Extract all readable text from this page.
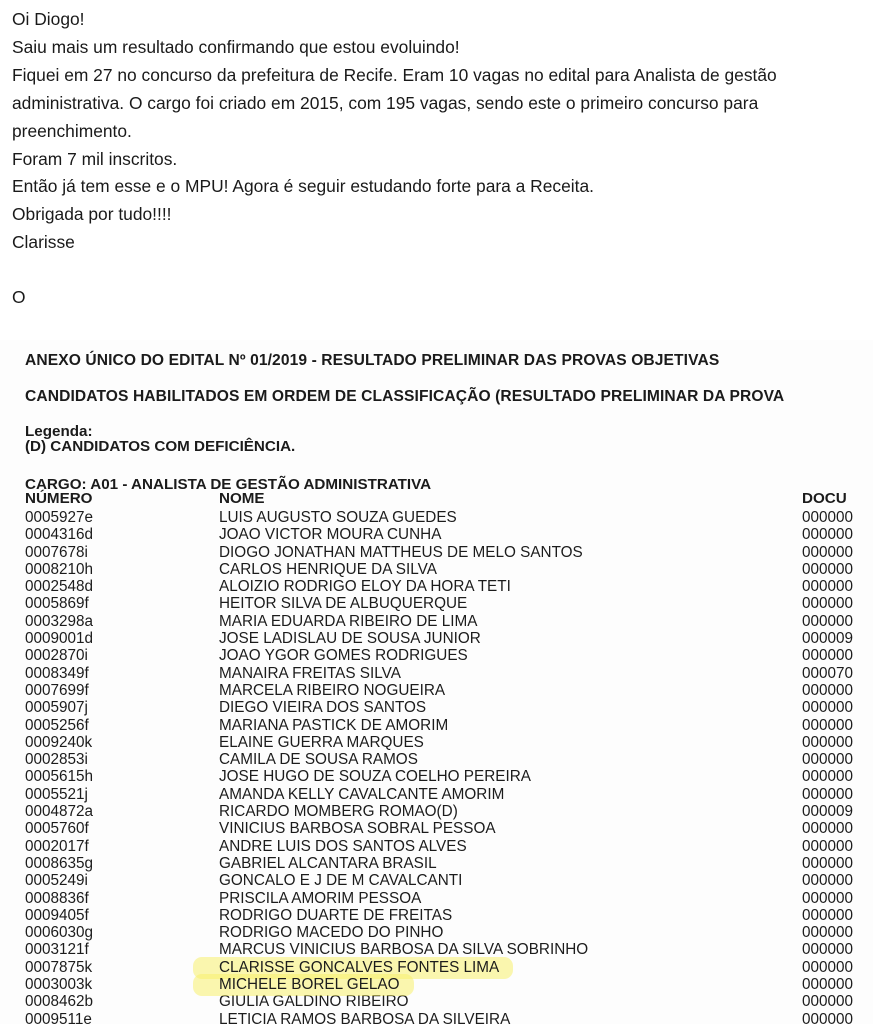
Oi Diogo!

Saiu mais um resultado confirmando que estou evoluindo!

Fiquei em 27 no concurso da prefeitura de Recife. Eram 10 vagas no edital para Analista de gestão

administrativa. O cargo foi criado em 2015, com 195 vagas, sendo este o primeiro concurso para

preenchimento.

Foram 7 mil inscritos.

Então já tem esse e o MPU! Agora é seguir estudando forte para a Receita.

Obrigada por tudo!!!!

Clarisse

O

ANEXO ÚNICO DO EDITAL Nº 01/2019 - RESULTADO PRELIMINAR DAS PROVAS OBJETIVAS
CANDIDATOS HABILITADOS EM ORDEM DE CLASSIFICAÇÃO (RESULTADO PRELIMINAR DA PROVA
Legenda:
(D) CANDIDATOS COM DEFICIÊNCIA.
CARGO: A01 - ANALISTA DE GESTÃO ADMINISTRATIVA
NÚMERO	NOME	DOCU
0005927e	LUIS AUGUSTO SOUZA GUEDES	000000
0004316d	JOAO VICTOR MOURA CUNHA	000000
0007678i	DIOGO JONATHAN MATTHEUS DE MELO SANTOS	000000
0008210h	CARLOS HENRIQUE DA SILVA	000000
0002548d	ALOIZIO RODRIGO ELOY DA HORA TETI	000000
0005869f	HEITOR SILVA DE ALBUQUERQUE	000000
0003298a	MARIA EDUARDA RIBEIRO DE LIMA	000000
0009001d	JOSE LADISLAU DE SOUSA JUNIOR	000009
0002870i	JOAO YGOR GOMES RODRIGUES	000000
0008349f	MANAIRA FREITAS SILVA	000070
0007699f	MARCELA RIBEIRO NOGUEIRA	000000
0005907j	DIEGO VIEIRA DOS SANTOS	000000
0005256f	MARIANA PASTICK DE AMORIM	000000
0009240k	ELAINE GUERRA MARQUES	000000
0002853i	CAMILA DE SOUSA RAMOS	000000
0005615h	JOSE HUGO DE SOUZA COELHO PEREIRA	000000
0005521j	AMANDA KELLY CAVALCANTE AMORIM	000000
0004872a	RICARDO MOMBERG ROMAO(D)	000009
0005760f	VINICIUS BARBOSA SOBRAL PESSOA	000000
0002017f	ANDRE LUIS DOS SANTOS ALVES	000000
0008635g	GABRIEL ALCANTARA BRASIL	000000
0005249i	GONCALO E J DE M CAVALCANTI	000000
0008836f	PRISCILA AMORIM PESSOA	000000
0009405f	RODRIGO DUARTE DE FREITAS	000000
0006030g	RODRIGO MACEDO DO PINHO	000000
0003121f	MARCUS VINICIUS BARBOSA DA SILVA SOBRINHO	000000
0007875k	CLARISSE GONCALVES FONTES LIMA	000000
0003003k	MICHELE BOREL GELAO	000000
0008462b	GIULIA GALDINO RIBEIRO	000000
0009511e	LETICIA RAMOS BARBOSA DA SILVEIRA	000000
